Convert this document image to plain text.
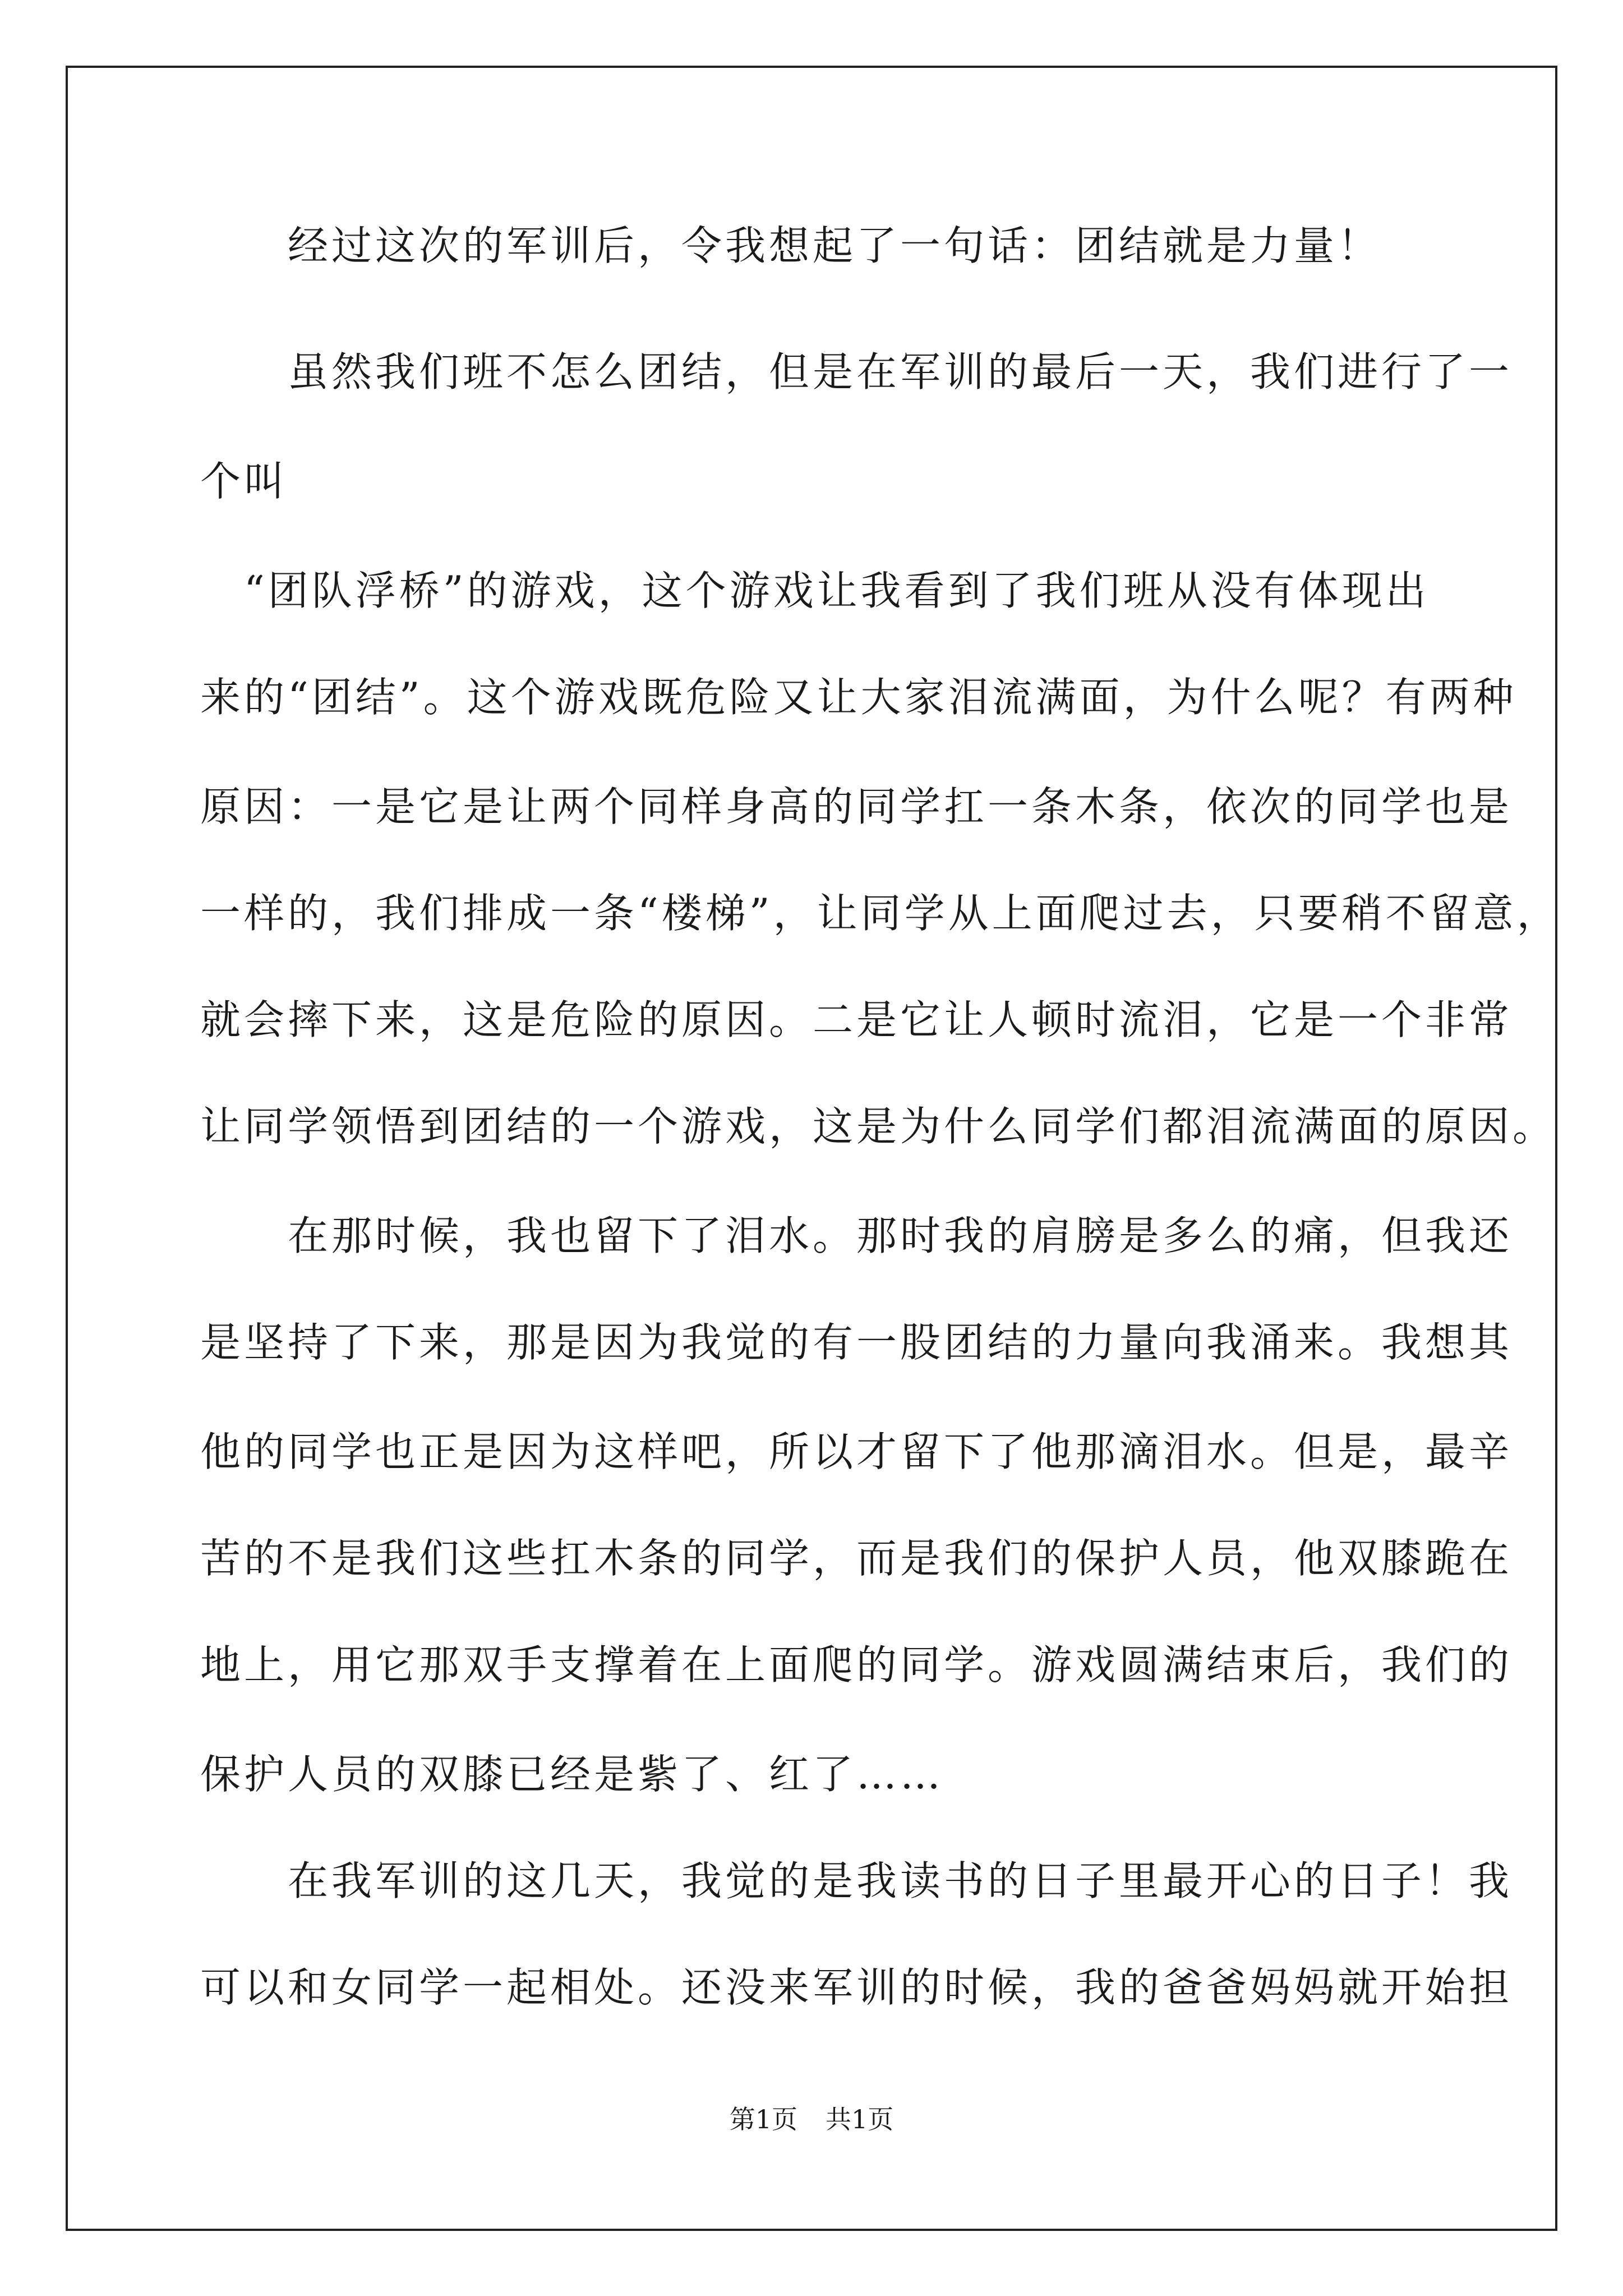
　　经过这次的军训后，令我想起了一句话：团结就是力量！
　　虽然我们班不怎么团结，但是在军训的最后一天，我们进行了一
个叫
　“团队浮桥”的游戏，这个游戏让我看到了我们班从没有体现出
来的“团结”。这个游戏既危险又让大家泪流满面，为什么呢？有两种
原因：一是它是让两个同样身高的同学扛一条木条，依次的同学也是
一样的，我们排成一条“楼梯”，让同学从上面爬过去，只要稍不留意，
就会摔下来，这是危险的原因。二是它让人顿时流泪，它是一个非常
让同学领悟到团结的一个游戏，这是为什么同学们都泪流满面的原因。
　　在那时候，我也留下了泪水。那时我的肩膀是多么的痛，但我还
是坚持了下来，那是因为我觉的有一股团结的力量向我涌来。我想其
他的同学也正是因为这样吧，所以才留下了他那滴泪水。但是，最辛
苦的不是我们这些扛木条的同学，而是我们的保护人员，他双膝跪在
地上，用它那双手支撑着在上面爬的同学。游戏圆满结束后，我们的
保护人员的双膝已经是紫了、红了……
　　在我军训的这几天，我觉的是我读书的日子里最开心的日子！我
可以和女同学一起相处。还没来军训的时候，我的爸爸妈妈就开始担
第1页 共1页
